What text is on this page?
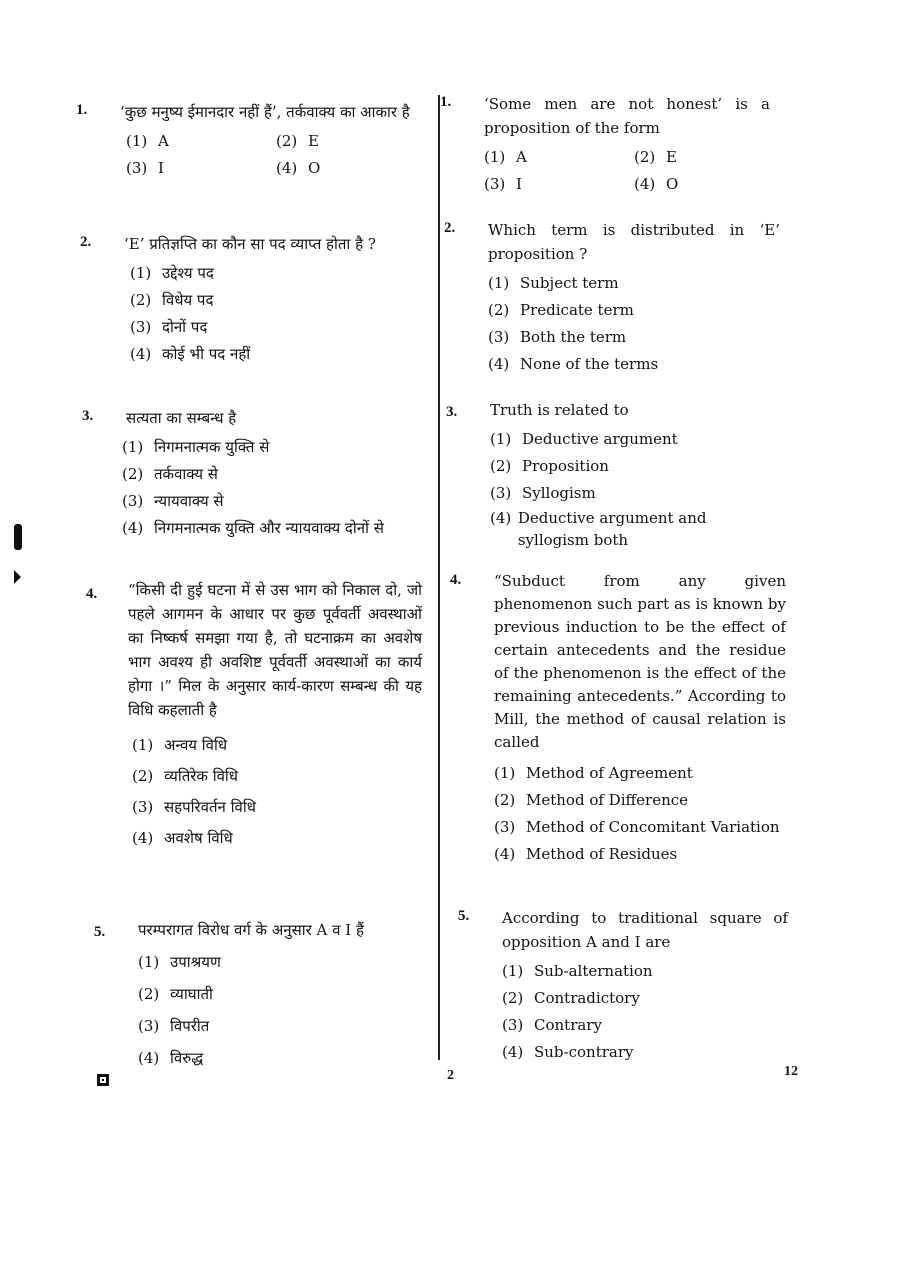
1. ‘कुछ मनुष्य ईमानदार नहीं हैं’, तर्कवाक्य का आकार है
(1) A	(2) E
(3) I	(4) O
2. ‘E’ प्रतिज्ञप्ति का कौन सा पद व्याप्त होता है ?
(1) उद्देश्य पद
(2) विधेय पद
(3) दोनों पद
(4) कोई भी पद नहीं
3. सत्यता का सम्बन्ध है
(1) निगमनात्मक युक्ति से
(2) तर्कवाक्य से
(3) न्यायवाक्य से
(4) निगमनात्मक युक्ति और न्यायवाक्य दोनों से
4. “किसी दी हुई घटना में से उस भाग को निकाल दो, जो पहले आगमन के आधार पर कुछ पूर्ववर्ती अवस्थाओं का निष्कर्ष समझा गया है, तो घटनाक्रम का अवशेष भाग अवश्य ही अवशिष्ट पूर्ववर्ती अवस्थाओं का कार्य होगा ।” मिल के अनुसार कार्य-कारण सम्बन्ध की यह विधि कहलाती है
(1) अन्वय विधि
(2) व्यतिरेक विधि
(3) सहपरिवर्तन विधि
(4) अवशेष विधि
5. परम्परागत विरोध वर्ग के अनुसार A व I हैं
(1) उपाश्रयण
(2) व्याघाती
(3) विपरीत
(4) विरुद्ध
1. ‘Some men are not honest’ is a proposition of the form
(1) A	(2) E
(3) I	(4) O
2. Which term is distributed in ‘E’ proposition ?
(1) Subject term
(2) Predicate term
(3) Both the term
(4) None of the terms
3. Truth is related to
(1) Deductive argument
(2) Proposition
(3) Syllogism
(4) Deductive argument and syllogism both
4. “Subduct from any given phenomenon such part as is known by previous induction to be the effect of certain antecedents and the residue of the phenomenon is the effect of the remaining antecedents.” According to Mill, the method of causal relation is called
(1) Method of Agreement
(2) Method of Difference
(3) Method of Concomitant Variation
(4) Method of Residues
5. According to traditional square of opposition A and I are
(1) Sub-alternation
(2) Contradictory
(3) Contrary
(4) Sub-contrary
2	12
